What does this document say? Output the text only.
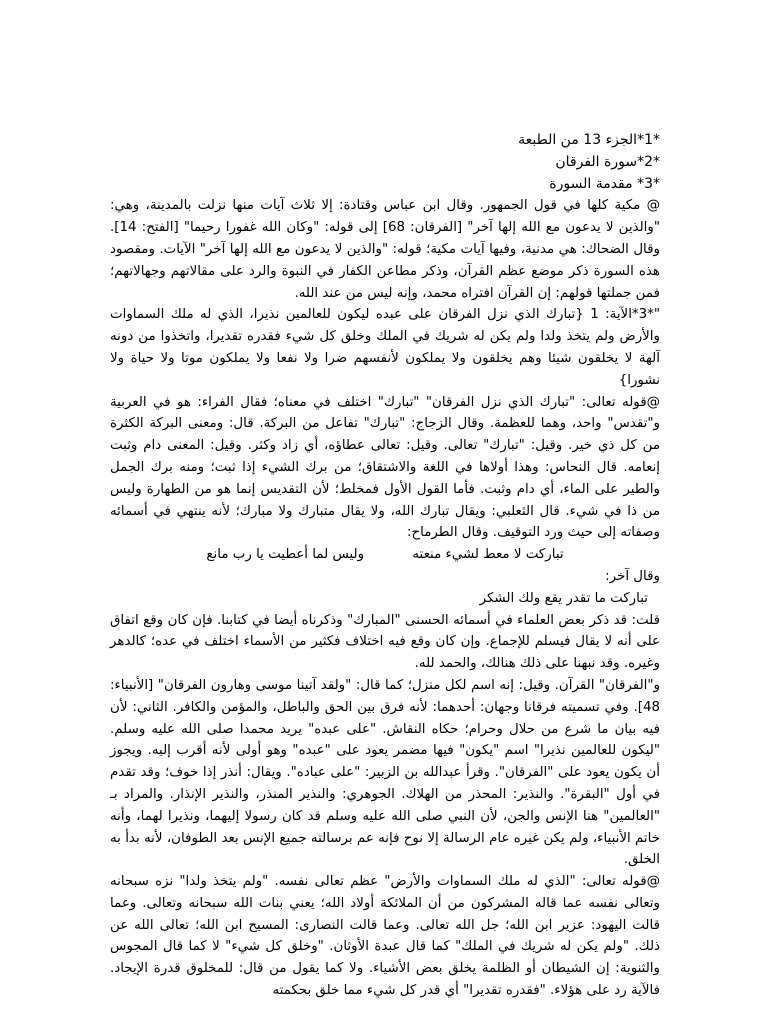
*1*الجزء 13 من الطبعة

*2*سورة الفرقان

*3* مقدمة السورة

@ مكية كلها في قول الجمهور. وقال ابن عباس وقتادة: إلا ثلاث آيات منها نزلت بالمدينة، وهي: "والذين لا يدعون مع الله إلها آخر" [الفرقان: 68] إلى قوله: "وكان الله غفورا رحيما" [الفتح: 14]. وقال الضحاك: هي مدنية، وفيها آيات مكية؛ قوله: "والذين لا يدعون مع الله إلها آخر" الآيات. ومقصود هذه السورة ذكر موضع عظم القرآن، وذكر مطاعن الكفار في النبوة والرد على مقالاتهم وجهالاتهم؛ فمن جملتها قولهم: إن القرآن افتراه محمد، وإنه ليس من عند الله.

"*3*الآية: 1 {تبارك الذي نزل الفرقان على عبده ليكون للعالمين نذيرا، الذي له ملك السماوات والأرض ولم يتخذ ولدا ولم يكن له شريك في الملك وخلق كل شيء فقدره تقديرا، واتخذوا من دونه آلهة لا يخلقون شيئا وهم يخلقون ولا يملكون لأنفسهم ضرا ولا نفعا ولا يملكون موتا ولا حياة ولا نشورا}

@قوله تعالى: "تبارك الذي نزل الفرقان" "تبارك" اختلف في معناه؛ فقال الفراء: هو في العربية و"تقدس" واحد، وهما للعظمة. وقال الزجاج: "تبارك" تفاعل من البركة. قال: ومعنى البركة الكثرة من كل ذي خير. وقيل: "تبارك" تعالى. وقيل: تعالى عطاؤه، أي زاد وكثر. وقيل: المعنى دام وثبت إنعامه. قال النحاس: وهذا أولاها في اللغة والاشتقاق؛ من برك الشيء إذا ثبت؛ ومنه برك الجمل والطير على الماء، أي دام وثبت. فأما القول الأول فمخلط؛ لأن التقديس إنما هو من الطهارة وليس من ذا في شيء. قال الثعلبي: ويقال تبارك الله، ولا يقال متبارك ولا مبارك؛ لأنه ينتهي في أسمائه وصفاته إلى حيث ورد التوقيف. وقال الطرماح:

تباركت لا معط لشيء منعته وليس لما أعطيت يا رب مانع

وقال آخر:

تباركت ما تقدر يقع ولك الشكر

قلت: قد ذكر بعض العلماء في أسمائه الحسنى "المبارك" وذكرناه أيضا في كتابنا. فإن كان وقع اتفاق على أنه لا يقال فيسلم للإجماع. وإن كان وقع فيه اختلاف فكثير من الأسماء اختلف في عده؛ كالدهر وغيره. وقد نبهنا على ذلك هنالك، والحمد لله.

و"الفرقان" القرآن. وقيل: إنه اسم لكل منزل؛ كما قال: "ولقد آتينا موسى وهارون الفرقان" [الأنبياء: 48]. وفي تسميته فرقانا وجهان: أحدهما: لأنه فرق بين الحق والباطل، والمؤمن والكافر. الثاني: لأن فيه بيان ما شرع من حلال وحرام؛ حكاه النقاش. "على عبده" يريد محمدا صلى الله عليه وسلم. "ليكون للعالمين نذيرا" اسم "يكون" فيها مضمر يعود على "عبده" وهو أولى لأنه أقرب إليه. ويجوز أن يكون يعود على "الفرقان". وقرأ عبدالله بن الزبير: "على عباده". ويقال: أنذر إذا خوف؛ وقد تقدم في أول "البقرة". والنذير: المحذر من الهلاك. الجوهري: والنذير المنذر، والنذير الإنذار. والمراد بـ "العالمين" هنا الإنس والجن، لأن النبي صلى الله عليه وسلم قد كان رسولا إليهما، ونذيرا لهما، وأنه خاتم الأنبياء، ولم يكن غيره عام الرسالة إلا نوح فإنه عم برسالته جميع الإنس بعد الطوفان، لأنه بدأ به الخلق.

@قوله تعالى: "الذي له ملك السماوات والأرض" عظم تعالى نفسه. "ولم يتخذ ولدا" نزه سبحانه وتعالى نفسه عما قاله المشركون من أن الملائكة أولاد الله؛ يعني بنات الله سبحانه وتعالى. وعما قالت اليهود: عزير ابن الله؛ جل الله تعالى. وعما قالت النصارى: المسيح ابن الله؛ تعالى الله عن ذلك. "ولم يكن له شريك في الملك" كما قال عبدة الأوثان. "وخلق كل شيء" لا كما قال المجوس والثنوية: إن الشيطان أو الظلمة يخلق بعض الأشياء. ولا كما يقول من قال: للمخلوق قدرة الإيجاد. فالآية رد على هؤلاء. "فقدره تقديرا" أي قدر كل شيء مما خلق بحكمته
